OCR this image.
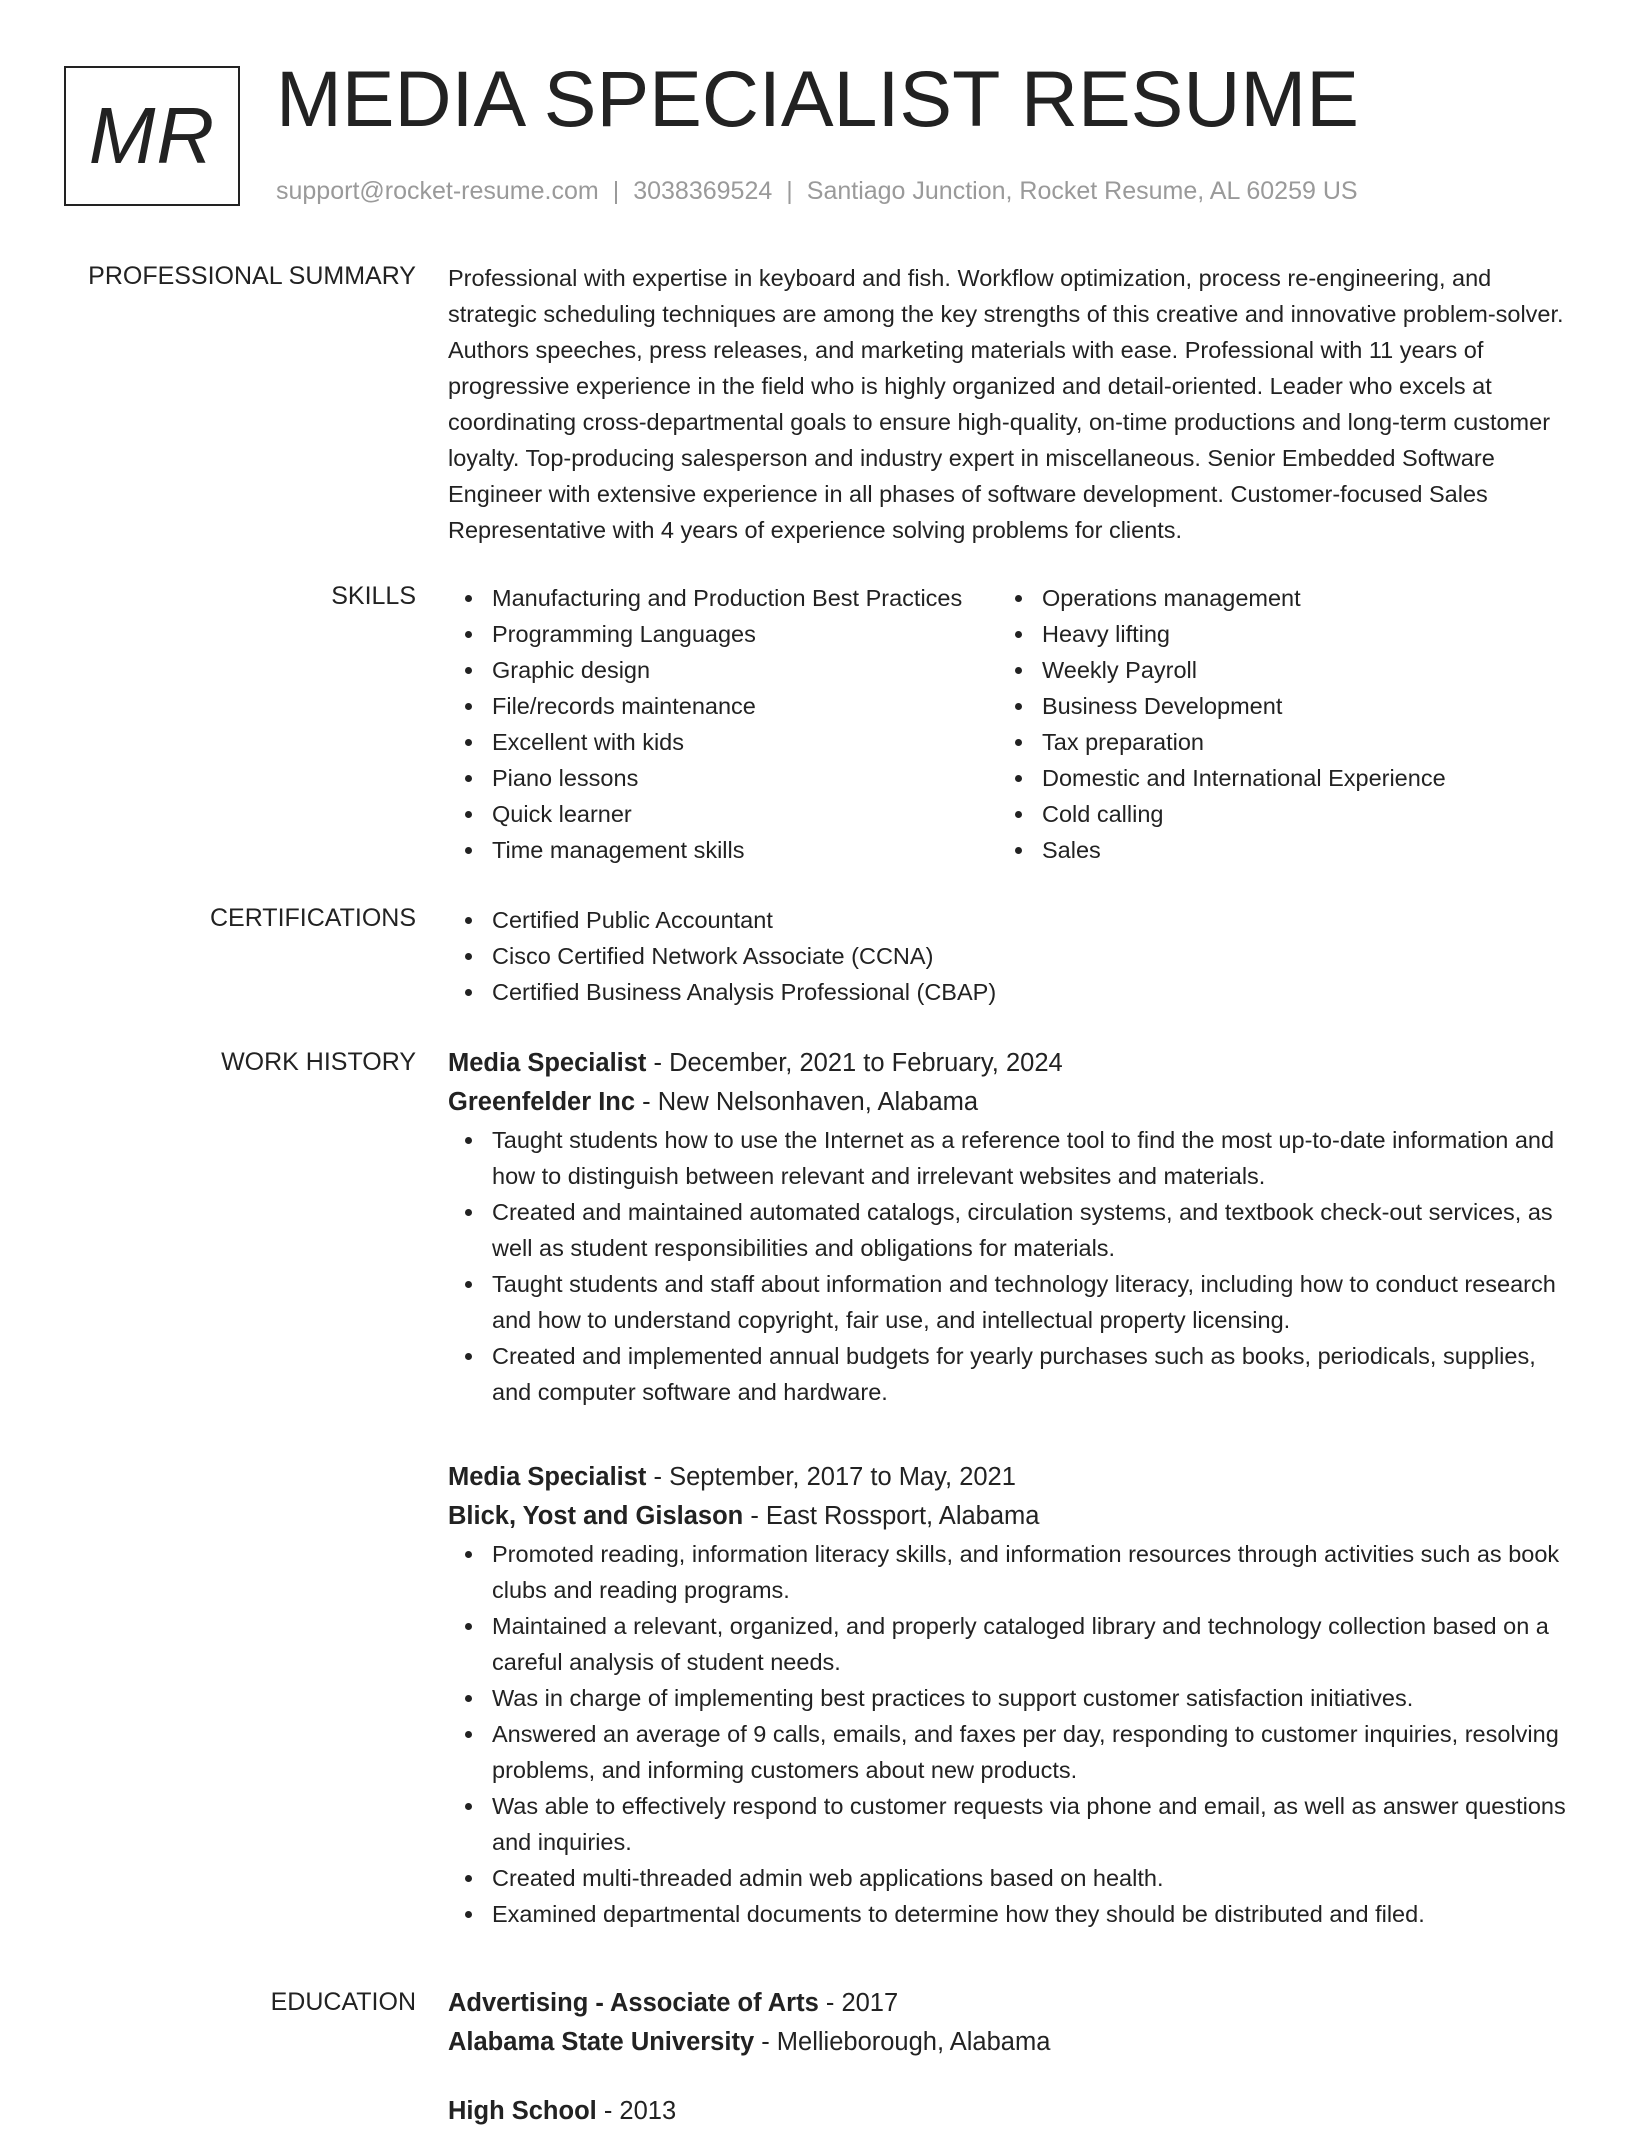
MR MEDIA SPECIALIST RESUME
support@rocket-resume.com | 3038369524 | Santiago Junction, Rocket Resume, AL 60259 US
PROFESSIONAL SUMMARY Professional with expertise in keyboard and fish. Workflow optimization, process re-engineering, and strategic scheduling techniques are among the key strengths of this creative and innovative problem-solver. Authors speeches, press releases, and marketing materials with ease. Professional with 11 years of progressive experience in the field who is highly organized and detail-oriented. Leader who excels at coordinating cross-departmental goals to ensure high-quality, on-time productions and long-term customer loyalty. Top-producing salesperson and industry expert in miscellaneous. Senior Embedded Software Engineer with extensive experience in all phases of software development. Customer-focused Sales Representative with 4 years of experience solving problems for clients.
SKILLS	Manufacturing and Production Best Practices
Programming Languages
Graphic design
File/records maintenance
Excellent with kids
Piano lessons
Quick learner
Time management skills
Operations management
Heavy lifting
Weekly Payroll
Business Development
Tax preparation
Domestic and International Experience
Cold calling
Sales
CERTIFICATIONS	Certified Public Accountant
Cisco Certified Network Associate (CCNA)
Certified Business Analysis Professional (CBAP)
WORK HISTORY Media Specialist - December, 2021 to February, 2024
Greenfelder Inc - New Nelsonhaven, Alabama
Taught students how to use the Internet as a reference tool to find the most up-to-date information and how to distinguish between relevant and irrelevant websites and materials.
Created and maintained automated catalogs, circulation systems, and textbook check-out services, as well as student responsibilities and obligations for materials.
Taught students and staff about information and technology literacy, including how to conduct research and how to understand copyright, fair use, and intellectual property licensing.
Created and implemented annual budgets for yearly purchases such as books, periodicals, supplies, and computer software and hardware.
Media Specialist - September, 2017 to May, 2021
Blick, Yost and Gislason - East Rossport, Alabama
Promoted reading, information literacy skills, and information resources through activities such as book clubs and reading programs.
Maintained a relevant, organized, and properly cataloged library and technology collection based on a careful analysis of student needs.
Was in charge of implementing best practices to support customer satisfaction initiatives.
Answered an average of 9 calls, emails, and faxes per day, responding to customer inquiries, resolving problems, and informing customers about new products.
Was able to effectively respond to customer requests via phone and email, as well as answer questions and inquiries.
Created multi-threaded admin web applications based on health.
Examined departmental documents to determine how they should be distributed and filed.
EDUCATION Advertising - Associate of Arts - 2017
Alabama State University - Mellieborough, Alabama
High School - 2013
